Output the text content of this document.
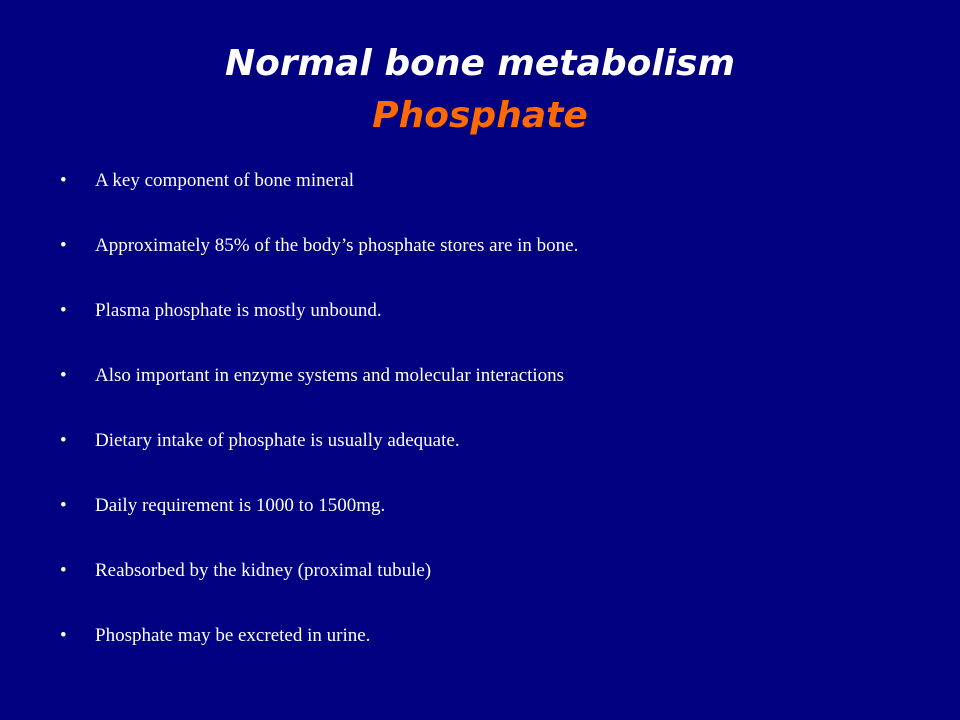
Normal bone metabolism
Phosphate
• A key component of bone mineral
• Approximately 85% of the body’s phosphate stores are in bone.
• Plasma phosphate is mostly unbound.
• Also important in enzyme systems and molecular interactions
• Dietary intake of phosphate is usually adequate.
• Daily requirement is 1000 to 1500mg.
• Reabsorbed by the kidney (proximal tubule)
• Phosphate may be excreted in urine.
